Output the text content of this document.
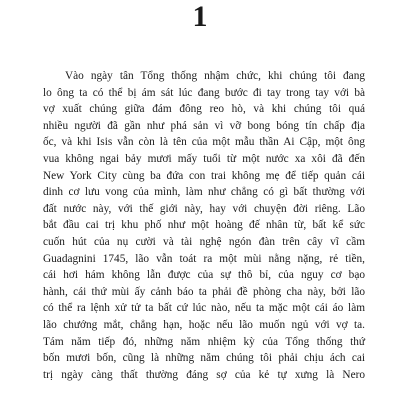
1
Vào ngày tân Tổng thống nhậm chức, khi chúng tôi đang
lo ông ta có thể bị ám sát lúc đang bước đi tay trong tay với bà
vợ xuất chúng giữa đám đông reo hò, và khi chúng tôi quá
nhiều người đã gần như phá sản vì vỡ bong bóng tín chấp địa
ốc, và khi Isis vẫn còn là tên của một mẫu thần Ai Cập, một ông
vua không ngai bảy mươi mấy tuổi từ một nước xa xôi đã đến
New York City cùng ba đứa con trai không mẹ để tiếp quản cái
dinh cơ lưu vong của mình, làm như chẳng có gì bất thường với
đất nước này, với thế giới này, hay với chuyện đời riêng. Lão
bắt đầu cai trị khu phố như một hoàng đế nhân từ, bất kể sức
cuốn hút của nụ cười và tài nghệ ngón đàn trên cây vĩ cầm
Guadagnini 1745, lão vẫn toát ra một mùi nằng nặng, rẻ tiền,
cái hơi hám không lẫn được của sự thô bỉ, của nguy cơ bạo
hành, cái thứ mùi ấy cảnh báo ta phải đề phòng cha này, bởi lão
có thể ra lệnh xử tử ta bất cứ lúc nào, nếu ta mặc một cái áo làm
lão chướng mắt, chẳng hạn, hoặc nếu lão muốn ngủ với vợ ta.
Tám năm tiếp đó, những năm nhiệm kỳ của Tổng thống thứ
bốn mươi bốn, cũng là những năm chúng tôi phải chịu ách cai
trị ngày càng thất thường đáng sợ của kẻ tự xưng là Nero
